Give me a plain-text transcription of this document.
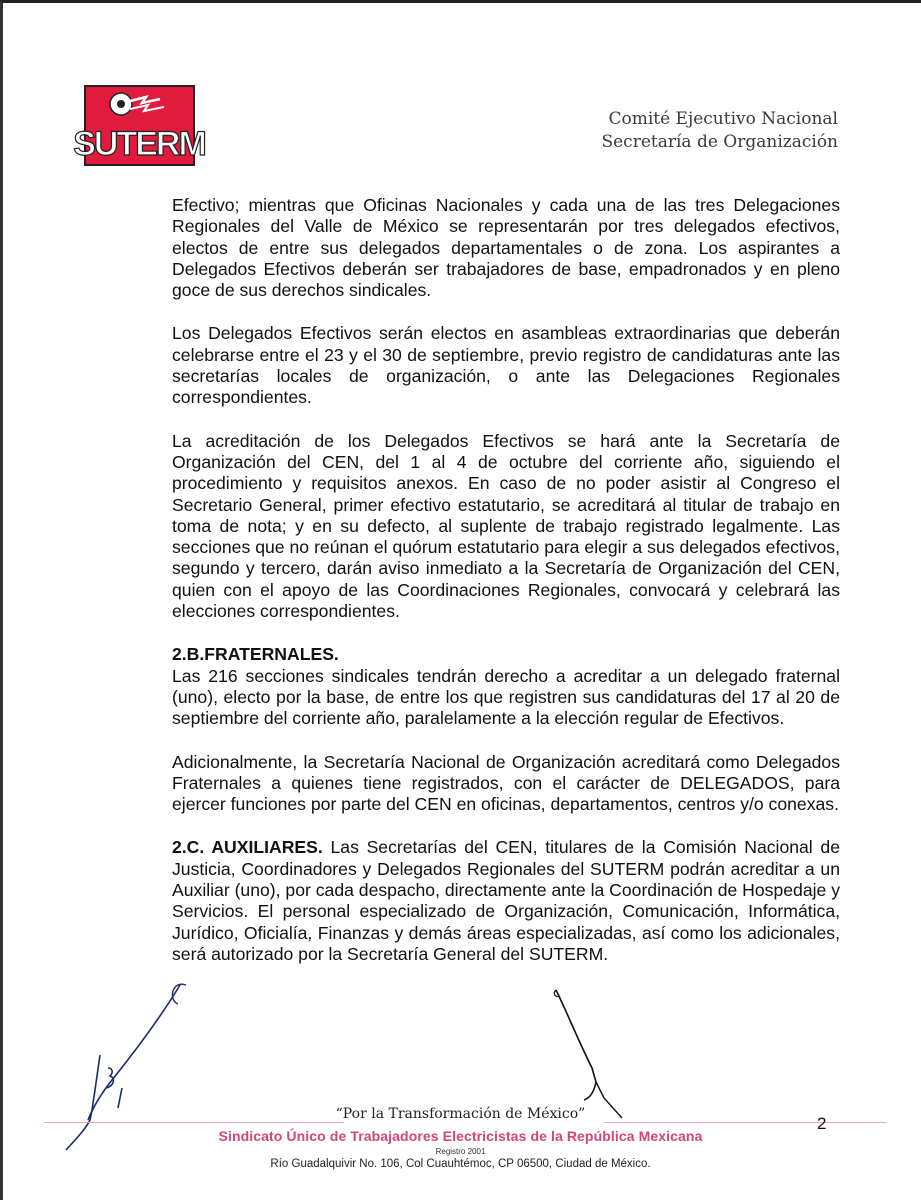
SUTERM
Comité Ejecutivo Nacional
Secretaría de Organización

Efectivo; mientras que Oficinas Nacionales y cada una de las tres Delegaciones Regionales del Valle de México se representarán por tres delegados efectivos, electos de entre sus delegados departamentales o de zona. Los aspirantes a Delegados Efectivos deberán ser trabajadores de base, empadronados y en pleno goce de sus derechos sindicales.

Los Delegados Efectivos serán electos en asambleas extraordinarias que deberán celebrarse entre el 23 y el 30 de septiembre, previo registro de candidaturas ante las secretarías locales de organización, o ante las Delegaciones Regionales correspondientes.

La acreditación de los Delegados Efectivos se hará ante la Secretaría de Organización del CEN, del 1 al 4 de octubre del corriente año, siguiendo el procedimiento y requisitos anexos. En caso de no poder asistir al Congreso el Secretario General, primer efectivo estatutario, se acreditará al titular de trabajo en toma de nota; y en su defecto, al suplente de trabajo registrado legalmente. Las secciones que no reúnan el quórum estatutario para elegir a sus delegados efectivos, segundo y tercero, darán aviso inmediato a la Secretaría de Organización del CEN, quien con el apoyo de las Coordinaciones Regionales, convocará y celebrará las elecciones correspondientes.

2.B.FRATERNALES.

Las 216 secciones sindicales tendrán derecho a acreditar a un delegado fraternal (uno), electo por la base, de entre los que registren sus candidaturas del 17 al 20 de septiembre del corriente año, paralelamente a la elección regular de Efectivos.

Adicionalmente, la Secretaría Nacional de Organización acreditará como Delegados Fraternales a quienes tiene registrados, con el carácter de DELEGADOS, para ejercer funciones por parte del CEN en oficinas, departamentos, centros y/o conexas.

2.C. AUXILIARES. Las Secretarías del CEN, titulares de la Comisión Nacional de Justicia, Coordinadores y Delegados Regionales del SUTERM podrán acreditar a un Auxiliar (uno), por cada despacho, directamente ante la Coordinación de Hospedaje y Servicios. El personal especializado de Organización, Comunicación, Informática, Jurídico, Oficialía, Finanzas y demás áreas especializadas, así como los adicionales, será autorizado por la Secretaría General del SUTERM.

“Por la Transformación de México”
Sindicato Único de Trabajadores Electricistas de la República Mexicana
Registro 2001
Río Guadalquivir No. 106, Col Cuauhtémoc, CP 06500, Ciudad de México.
2
